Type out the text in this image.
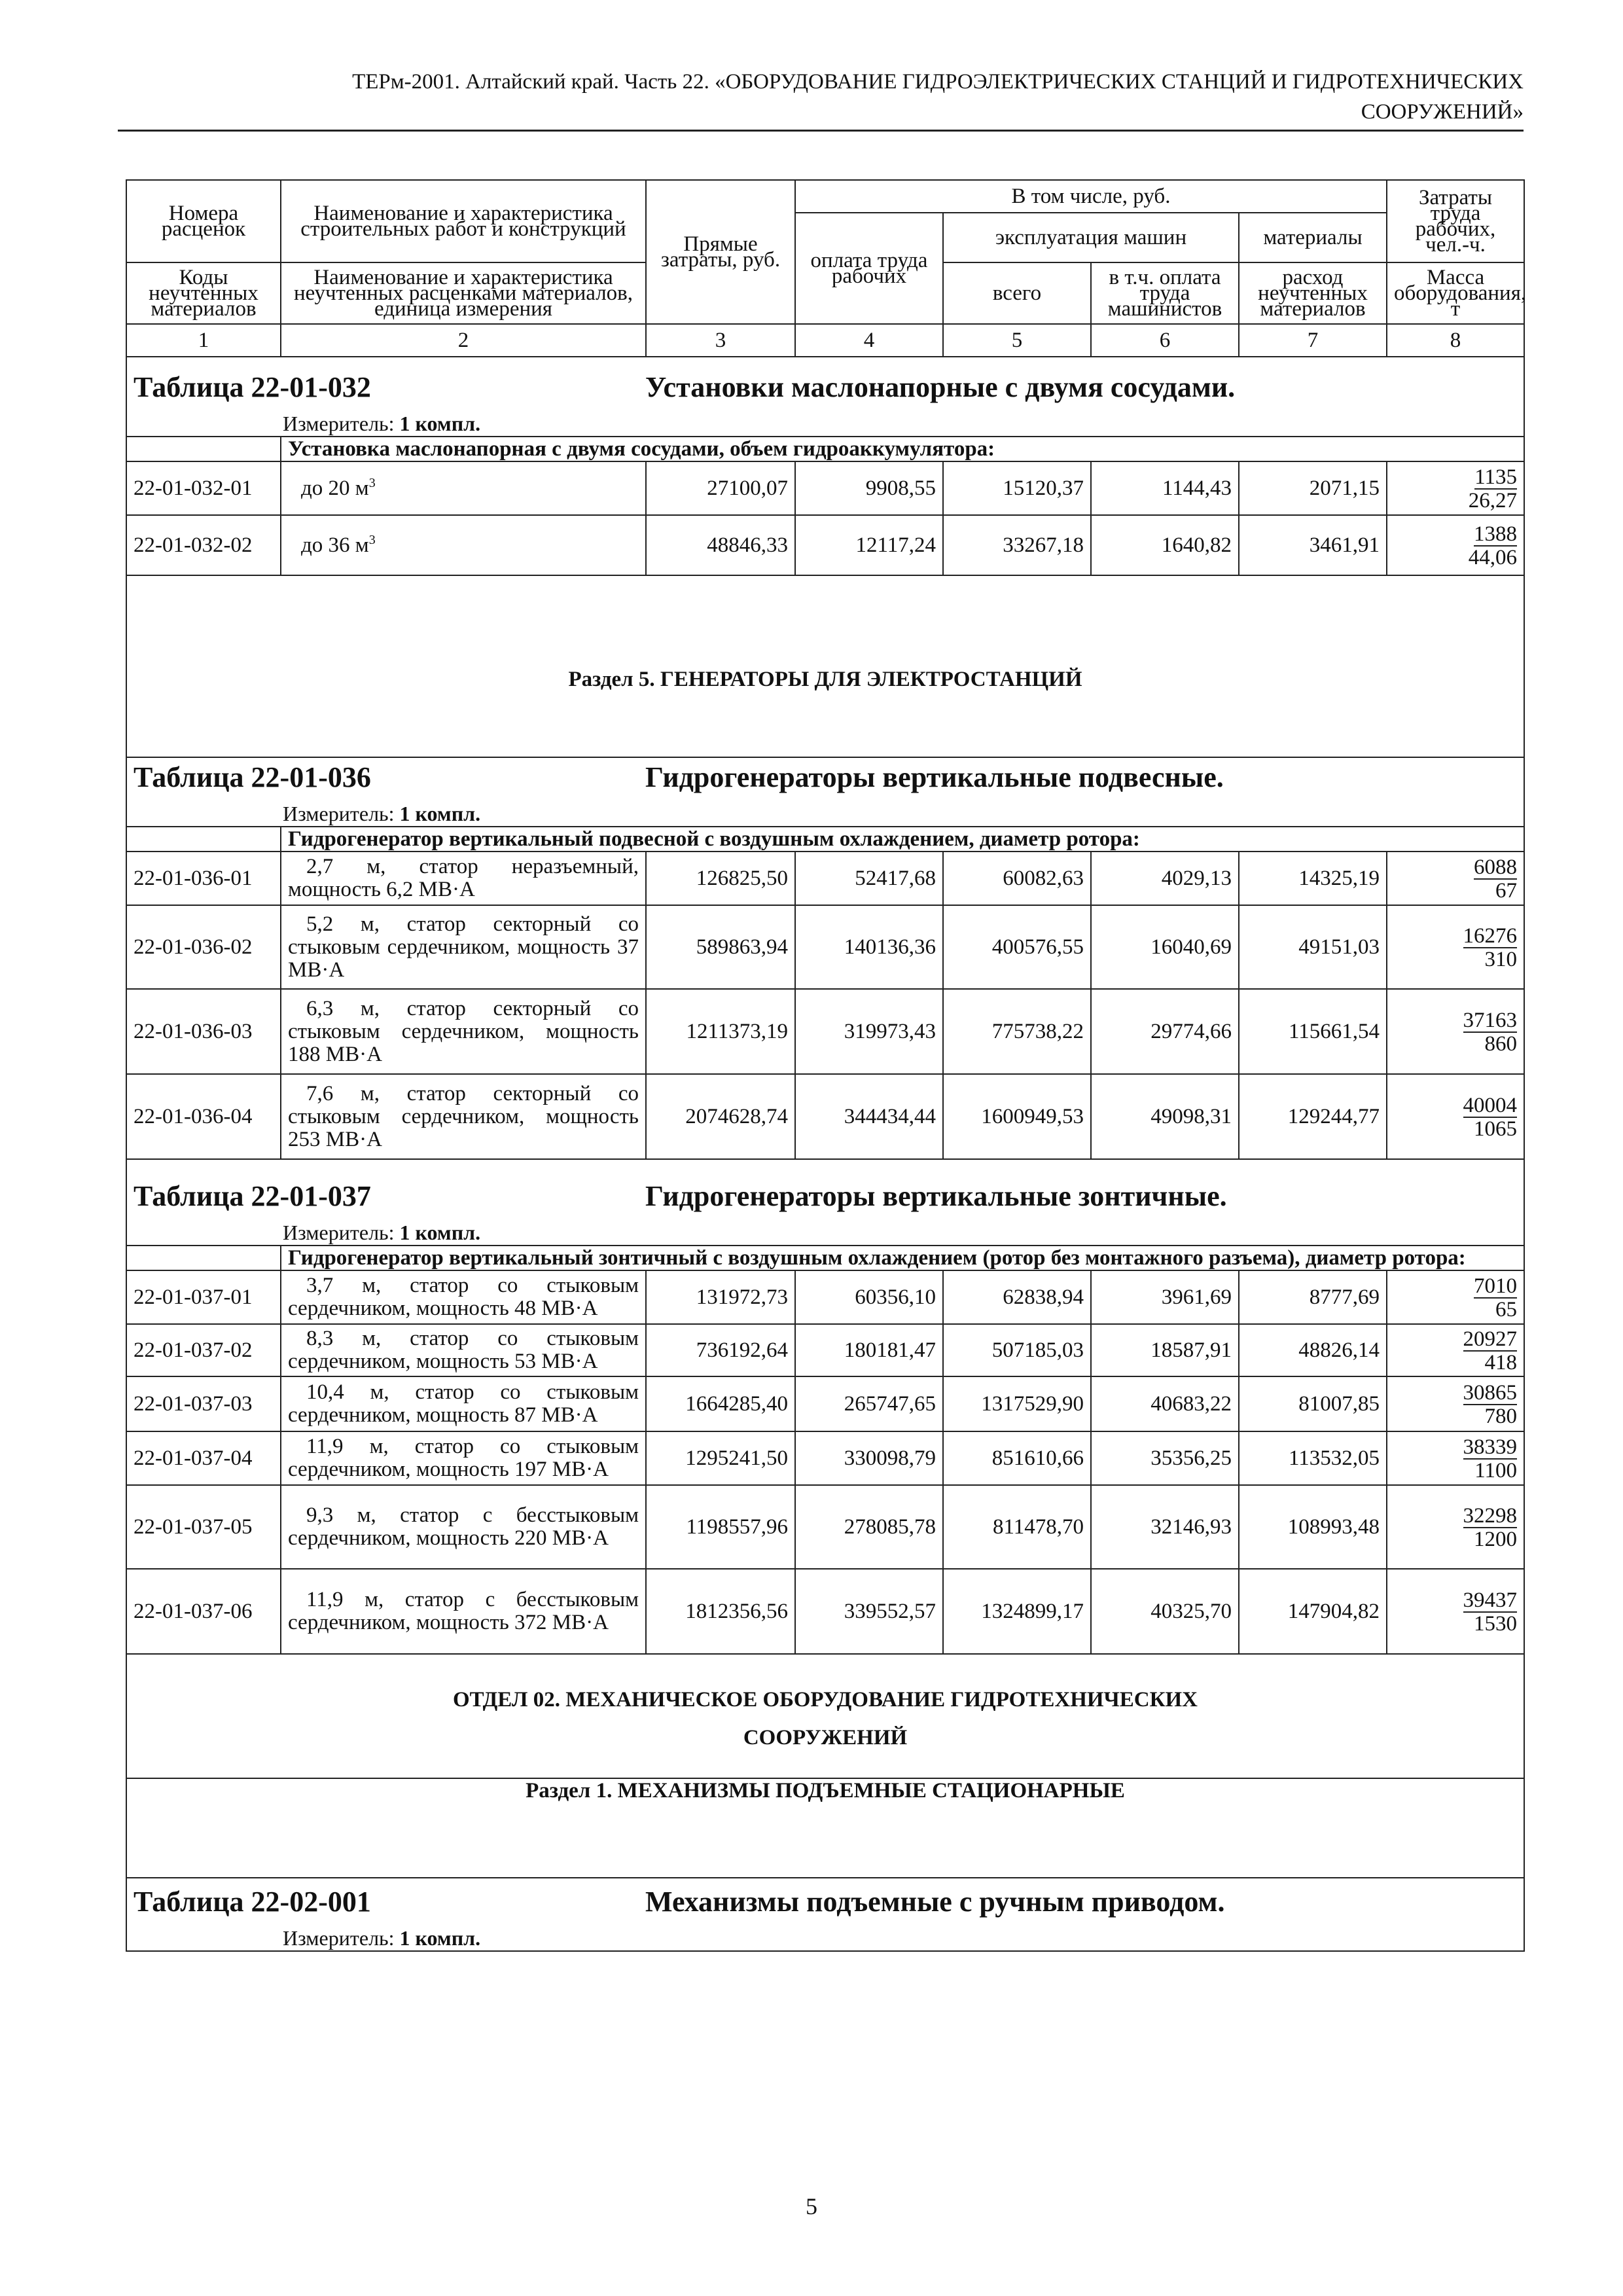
ТЕРм-2001. Алтайский край. Часть 22. «ОБОРУДОВАНИЕ ГИДРОЭЛЕКТРИЧЕСКИХ СТАНЦИЙ И ГИДРОТЕХНИЧЕСКИХ
СООРУЖЕНИЙ»
Номера расценок	Наименование и характеристика строительных работ и конструкций	Прямые затраты, руб.	В том числе, руб.				Затраты труда рабочих, чел.-ч.
			оплата труда рабочих	эксплуатация машин		материалы	
Коды неучтенных материалов	Наименование и характеристика неучтенных расценками материалов, единица измерения			всего	в т.ч. оплата труда машинистов	расход неучтенных материалов	Масса оборудования, т
1	2	3	4	5	6	7	8

Таблица 22-01-032 Установки маслонапорные с двумя сосудами.
Измеритель: 1 компл.							

	Установка маслонапорная с двумя сосудами, объем гидроаккумулятора:						
22-01-032-01	до 20 $м^3$	27100,07	9908,55	15120,37	1144,43	2071,15	1135
26,27

22-01-032-02	до 36 $м^3$	48846,33	12117,24	33267,18	1640,82	3461,91	1388
44,06

Раздел 5. ГЕНЕРАТОРЫ ДЛЯ ЭЛЕКТРОСТАНЦИЙ							

Таблица 22-01-036 Гидрогенераторы вертикальные подвесные.
Измеритель: 1 компл.							

	Гидрогенератор вертикальный подвесной с воздушным охлаждением, диаметр ротора:						
22-01-036-01	2,7 м, статор неразъемный, мощность 6,2 МВ·А	126825,50	52417,68	60082,63	4029,13	14325,19	6088
67

22-01-036-02	5,2 м, статор секторный со стыковым сердечником, мощность 37 МВ·А	589863,94	140136,36	400576,55	16040,69	49151,03	16276
310

22-01-036-03	6,3 м, статор секторный со стыковым сердечником, мощность 188 МВ·А	1211373,19	319973,43	775738,22	29774,66	115661,54	37163
860

22-01-036-04	7,6 м, статор секторный со стыковым сердечником, мощность 253 МВ·А	2074628,74	344434,44	1600949,53	49098,31	129244,77	40004
1065

Таблица 22-01-037 Гидрогенераторы вертикальные зонтичные.
Измеритель: 1 компл.							

	Гидрогенератор вертикальный зонтичный с воздушным охлаждением (ротор без монтажного разъема), диаметр ротора:						
22-01-037-01	3,7 м, статор со стыковым сердечником, мощность 48 МВ·А	131972,73	60356,10	62838,94	3961,69	8777,69	7010
65

22-01-037-02	8,3 м, статор со стыковым сердечником, мощность 53 МВ·А	736192,64	180181,47	507185,03	18587,91	48826,14	20927
418

22-01-037-03	10,4 м, статор со стыковым сердечником, мощность 87 МВ·А	1664285,40	265747,65	1317529,90	40683,22	81007,85	30865
780

22-01-037-04	11,9 м, статор со стыковым сердечником, мощность 197 МВ·А	1295241,50	330098,79	851610,66	35356,25	113532,05	38339
1100

22-01-037-05	9,3 м, статор с бесстыковым сердечником, мощность 220 МВ·А	1198557,96	278085,78	811478,70	32146,93	108993,48	32298
1200

22-01-037-06	11,9 м, статор с бесстыковым сердечником, мощность 372 МВ·А	1812356,56	339552,57	1324899,17	40325,70	147904,82	39437
1530

ОТДЕЛ 02. МЕХАНИЧЕСКОЕ ОБОРУДОВАНИЕ ГИДРОТЕХНИЧЕСКИХ
СООРУЖЕНИЙ							

Раздел 1. МЕХАНИЗМЫ ПОДЪЕМНЫЕ СТАЦИОНАРНЫЕ							

Таблица 22-02-001 Механизмы подъемные с ручным приводом.
Измеритель: 1 компл.							
5
